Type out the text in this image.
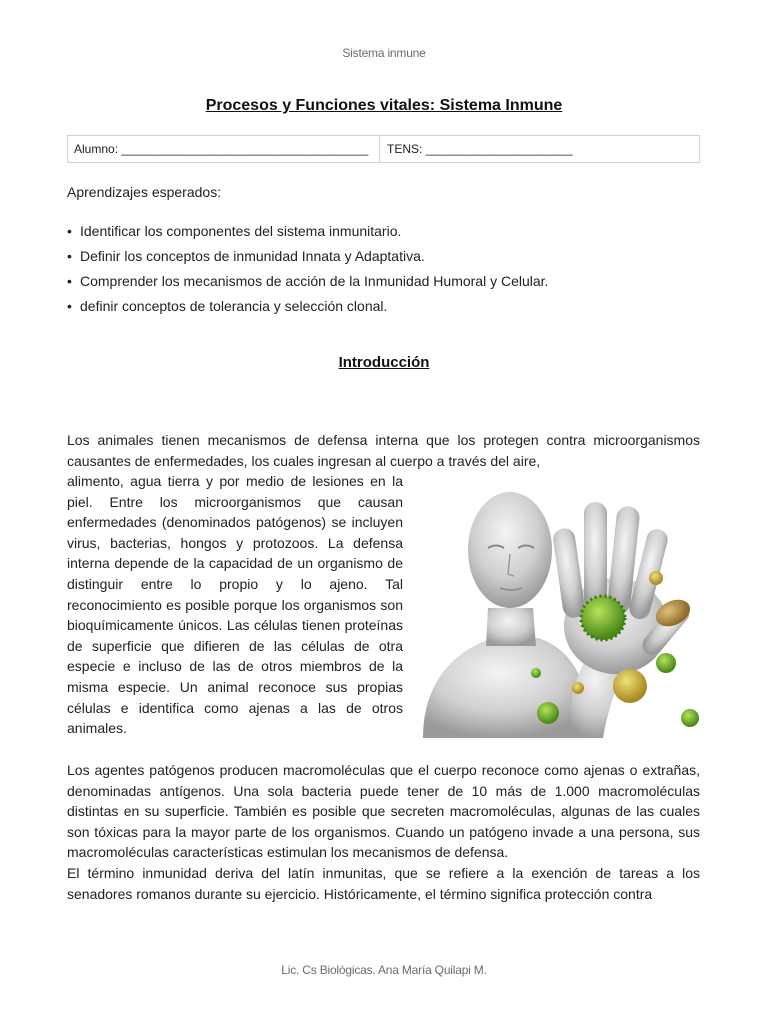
Sistema inmune
Procesos y Funciones vitales: Sistema Inmune
Alumno: _____________________________________	TENS: ______________________
Aprendizajes esperados:
• Identificar los componentes del sistema inmunitario.
• Definir los conceptos de inmunidad Innata y Adaptativa.
• Comprender los mecanismos de acción de la Inmunidad Humoral y Celular.
• definir conceptos de tolerancia y selección clonal.
Introducción

Los animales tienen mecanismos de defensa interna que los protegen contra microorganismos causantes de enfermedades, los cuales ingresan al cuerpo a través del aire,

alimento, agua tierra y por medio de lesiones en la piel. Entre los microorganismos que causan enfermedades (denominados patógenos) se incluyen virus, bacterias, hongos y protozoos. La defensa interna depende de la capacidad de un organismo de distinguir entre lo propio y lo ajeno. Tal reconocimiento es posible porque los organismos son bioquímicamente únicos. Las células tienen proteínas de superficie que difieren de las células de otra especie e incluso de las de otros miembros de la misma especie. Un animal reconoce sus propias células e identifica como ajenas a las de otros animales.

Los agentes patógenos producen macromoléculas que el cuerpo reconoce como ajenas o extrañas, denominadas antígenos. Una sola bacteria puede tener de 10 más de 1.000 macromoléculas distintas en su superficie. También es posible que secreten macromoléculas, algunas de las cuales son tóxicas para la mayor parte de los organismos. Cuando un patógeno invade a una persona, sus macromoléculas características estimulan los mecanismos de defensa.
El término inmunidad deriva del latín inmunitas, que se refiere a la exención de tareas a los senadores romanos durante su ejercicio. Históricamente, el término significa protección contra

Lic. Cs Biológicas. Ana María Quilapi M.
